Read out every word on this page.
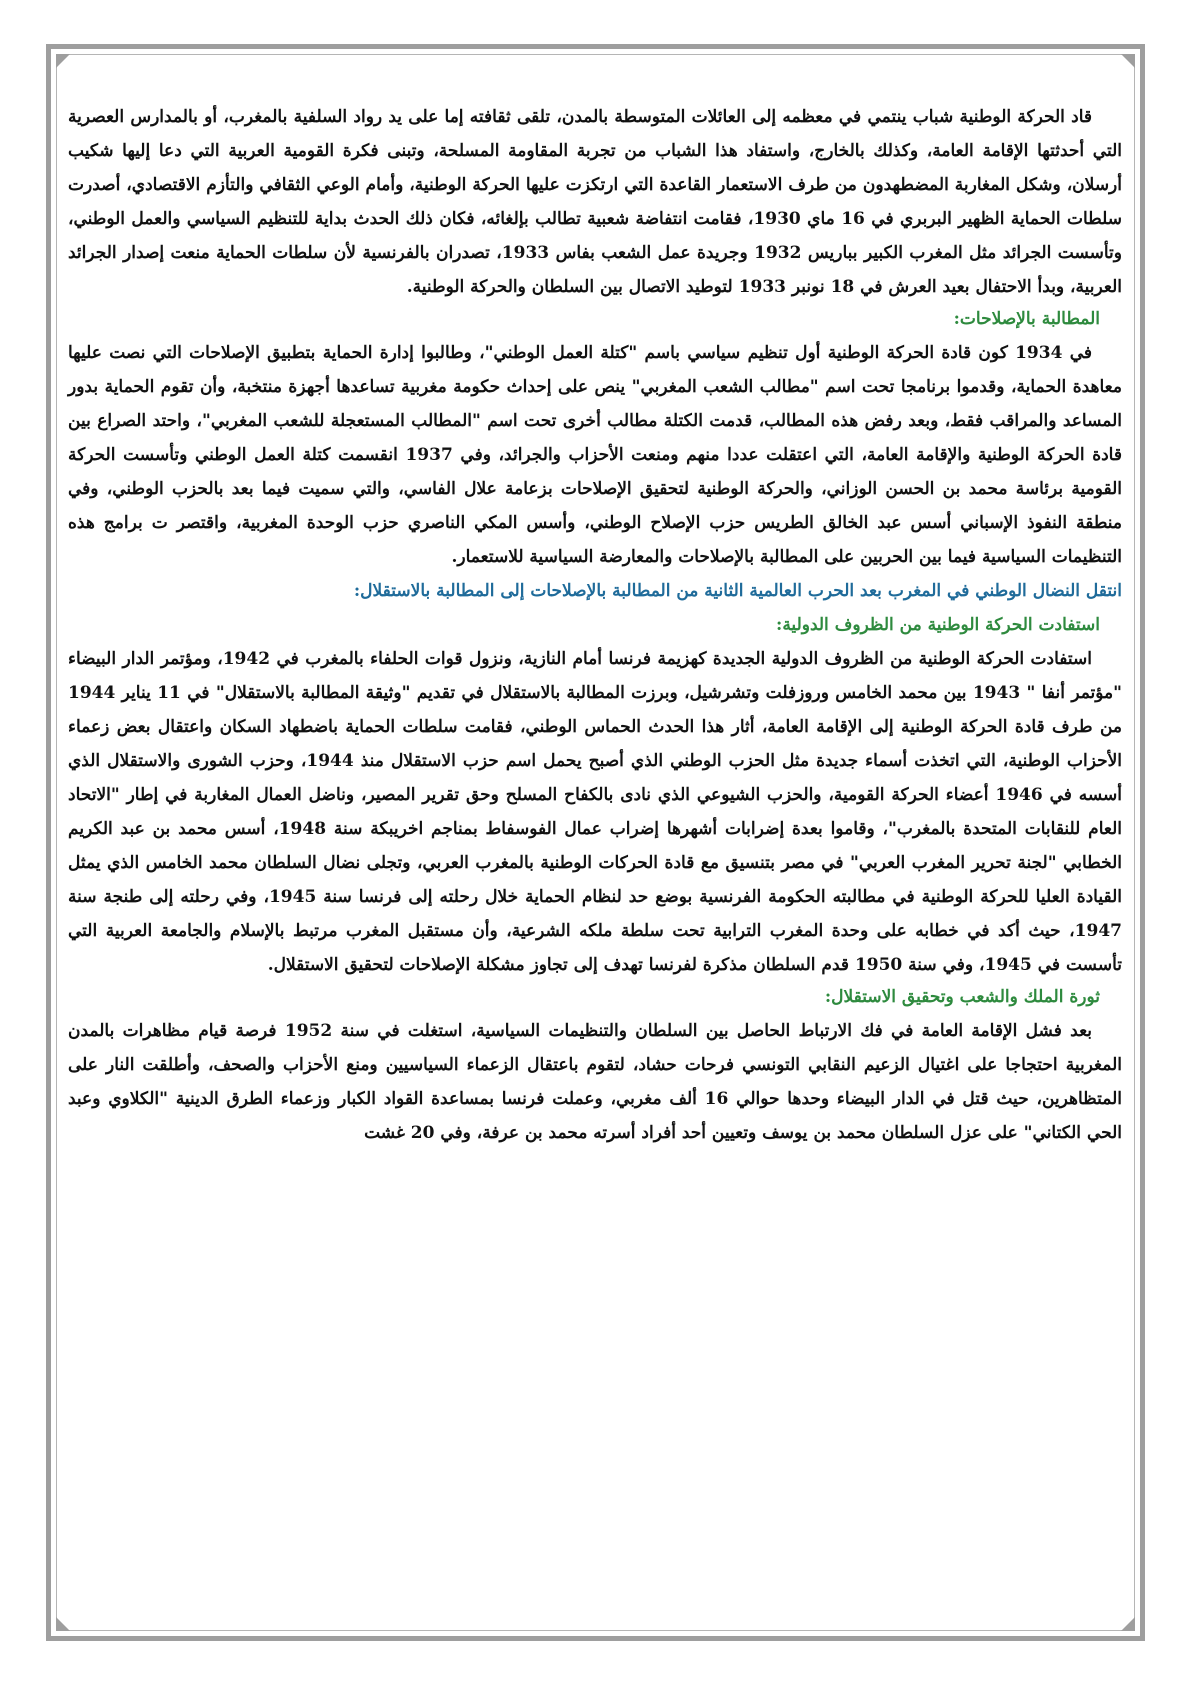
قاد الحركة الوطنية شباب ينتمي في معظمه إلى العائلات المتوسطة بالمدن، تلقى ثقافته إما على يد رواد السلفية بالمغرب، أو بالمدارس العصرية التي أحدثتها الإقامة العامة، وكذلك بالخارج، واستفاد هذا الشباب من تجربة المقاومة المسلحة، وتبنى فكرة القومية العربية التي دعا إليها شكيب أرسلان، وشكل المغاربة المضطهدون من طرف الاستعمار القاعدة التي ارتكزت عليها الحركة الوطنية، وأمام الوعي الثقافي والتأزم الاقتصادي، أصدرت سلطات الحماية الظهير البربري في 16 ماي 1930، فقامت انتفاضة شعبية تطالب بإلغائه، فكان ذلك الحدث بداية للتنظيم السياسي والعمل الوطني، وتأسست الجرائد مثل المغرب الكبير بباريس 1932 وجريدة عمل الشعب بفاس 1933، تصدران بالفرنسية لأن سلطات الحماية منعت إصدار الجرائد العربية، وبدأ الاحتفال بعيد العرش في 18 نونبر 1933 لتوطيد الاتصال بين السلطان والحركة الوطنية.

المطالبة بالإصلاحات:

في 1934 كون قادة الحركة الوطنية أول تنظيم سياسي باسم "كتلة العمل الوطني"، وطالبوا إدارة الحماية بتطبيق الإصلاحات التي نصت عليها معاهدة الحماية، وقدموا برنامجا تحت اسم "مطالب الشعب المغربي" ينص على إحداث حكومة مغربية تساعدها أجهزة منتخبة، وأن تقوم الحماية بدور المساعد والمراقب فقط، وبعد رفض هذه المطالب، قدمت الكتلة مطالب أخرى تحت اسم "المطالب المستعجلة للشعب المغربي"، واحتد الصراع بين قادة الحركة الوطنية والإقامة العامة، التي اعتقلت عددا منهم ومنعت الأحزاب والجرائد، وفي 1937 انقسمت كتلة العمل الوطني وتأسست الحركة القومية برئاسة محمد بن الحسن الوزاني، والحركة الوطنية لتحقيق الإصلاحات بزعامة علال الفاسي، والتي سميت فيما بعد بالحزب الوطني، وفي منطقة النفوذ الإسباني أسس عبد الخالق الطريس حزب الإصلاح الوطني، وأسس المكي الناصري حزب الوحدة المغربية، واقتصر ت برامج هذه التنظيمات السياسية فيما بين الحربين على المطالبة بالإصلاحات والمعارضة السياسية للاستعمار.

انتقل النضال الوطني في المغرب بعد الحرب العالمية الثانية من المطالبة بالإصلاحات إلى المطالبة بالاستقلال:
استفادت الحركة الوطنية من الظروف الدولية:

استفادت الحركة الوطنية من الظروف الدولية الجديدة كهزيمة فرنسا أمام النازية، ونزول قوات الحلفاء بالمغرب في 1942، ومؤتمر الدار البيضاء "مؤتمر أنفا " 1943 بين محمد الخامس وروزفلت وتشرشيل، وبرزت المطالبة بالاستقلال في تقديم "وثيقة المطالبة بالاستقلال" في 11 يناير 1944 من طرف قادة الحركة الوطنية إلى الإقامة العامة، أثار هذا الحدث الحماس الوطني، فقامت سلطات الحماية باضطهاد السكان واعتقال بعض زعماء الأحزاب الوطنية، التي اتخذت أسماء جديدة مثل الحزب الوطني الذي أصبح يحمل اسم حزب الاستقلال منذ 1944، وحزب الشورى والاستقلال الذي أسسه في 1946 أعضاء الحركة القومية، والحزب الشيوعي الذي نادى بالكفاح المسلح وحق تقرير المصير، وناضل العمال المغاربة في إطار "الاتحاد العام للنقابات المتحدة بالمغرب"، وقاموا بعدة إضرابات أشهرها إضراب عمال الفوسفاط بمناجم اخريبكة سنة 1948، أسس محمد بن عبد الكريم الخطابي "لجنة تحرير المغرب العربي" في مصر بتنسيق مع قادة الحركات الوطنية بالمغرب العربي، وتجلى نضال السلطان محمد الخامس الذي يمثل القيادة العليا للحركة الوطنية في مطالبته الحكومة الفرنسية بوضع حد لنظام الحماية خلال رحلته إلى فرنسا سنة 1945، وفي رحلته إلى طنجة سنة 1947، حيث أكد في خطابه على وحدة المغرب الترابية تحت سلطة ملكه الشرعية، وأن مستقبل المغرب مرتبط بالإسلام والجامعة العربية التي تأسست في 1945، وفي سنة 1950 قدم السلطان مذكرة لفرنسا تهدف إلى تجاوز مشكلة الإصلاحات لتحقيق الاستقلال.

ثورة الملك والشعب وتحقيق الاستقلال:

بعد فشل الإقامة العامة في فك الارتباط الحاصل بين السلطان والتنظيمات السياسية، استغلت في سنة 1952 فرصة قيام مظاهرات بالمدن المغربية احتجاجا على اغتيال الزعيم النقابي التونسي فرحات حشاد، لتقوم باعتقال الزعماء السياسيين ومنع الأحزاب والصحف، وأطلقت النار على المتظاهرين، حيث قتل في الدار البيضاء وحدها حوالي 16 ألف مغربي، وعملت فرنسا بمساعدة القواد الكبار وزعماء الطرق الدينية "الكلاوي وعبد الحي الكتاني" على عزل السلطان محمد بن يوسف وتعيين أحد أفراد أسرته محمد بن عرفة، وفي 20 غشت
